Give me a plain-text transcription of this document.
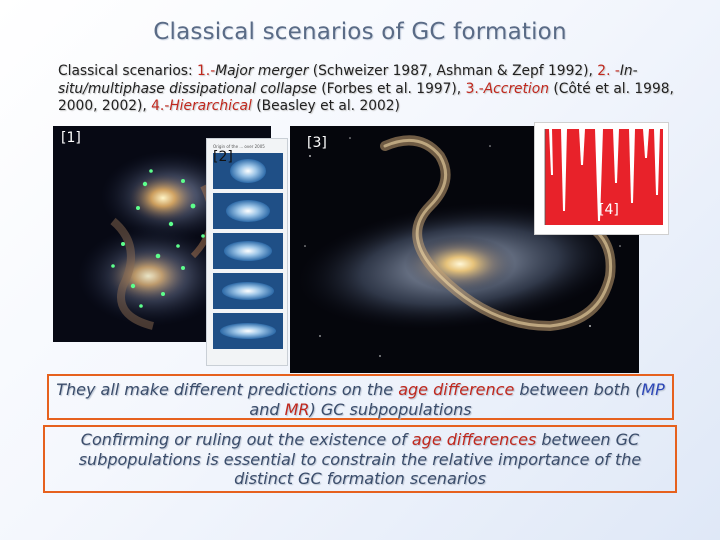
Classical scenarios of GC formation
Classical scenarios: 1.-Major merger (Schweizer 1987, Ashman & Zepf 1992), 2. -In-situ/multiphase dissipational collapse (Forbes et al. 1997), 3.-Accretion (Côté et al. 1998, 2000, 2002), 4.-Hierarchical (Beasley et al. 2002)
[1]
Origin of the ... over 2005
[2]
[3]
[4]
They all make different predictions on the age difference between both (MP and MR) GC subpopulations
Confirming or ruling out the existence of age differences between GC subpopulations is essential to constrain the relative importance of the distinct GC formation scenarios
